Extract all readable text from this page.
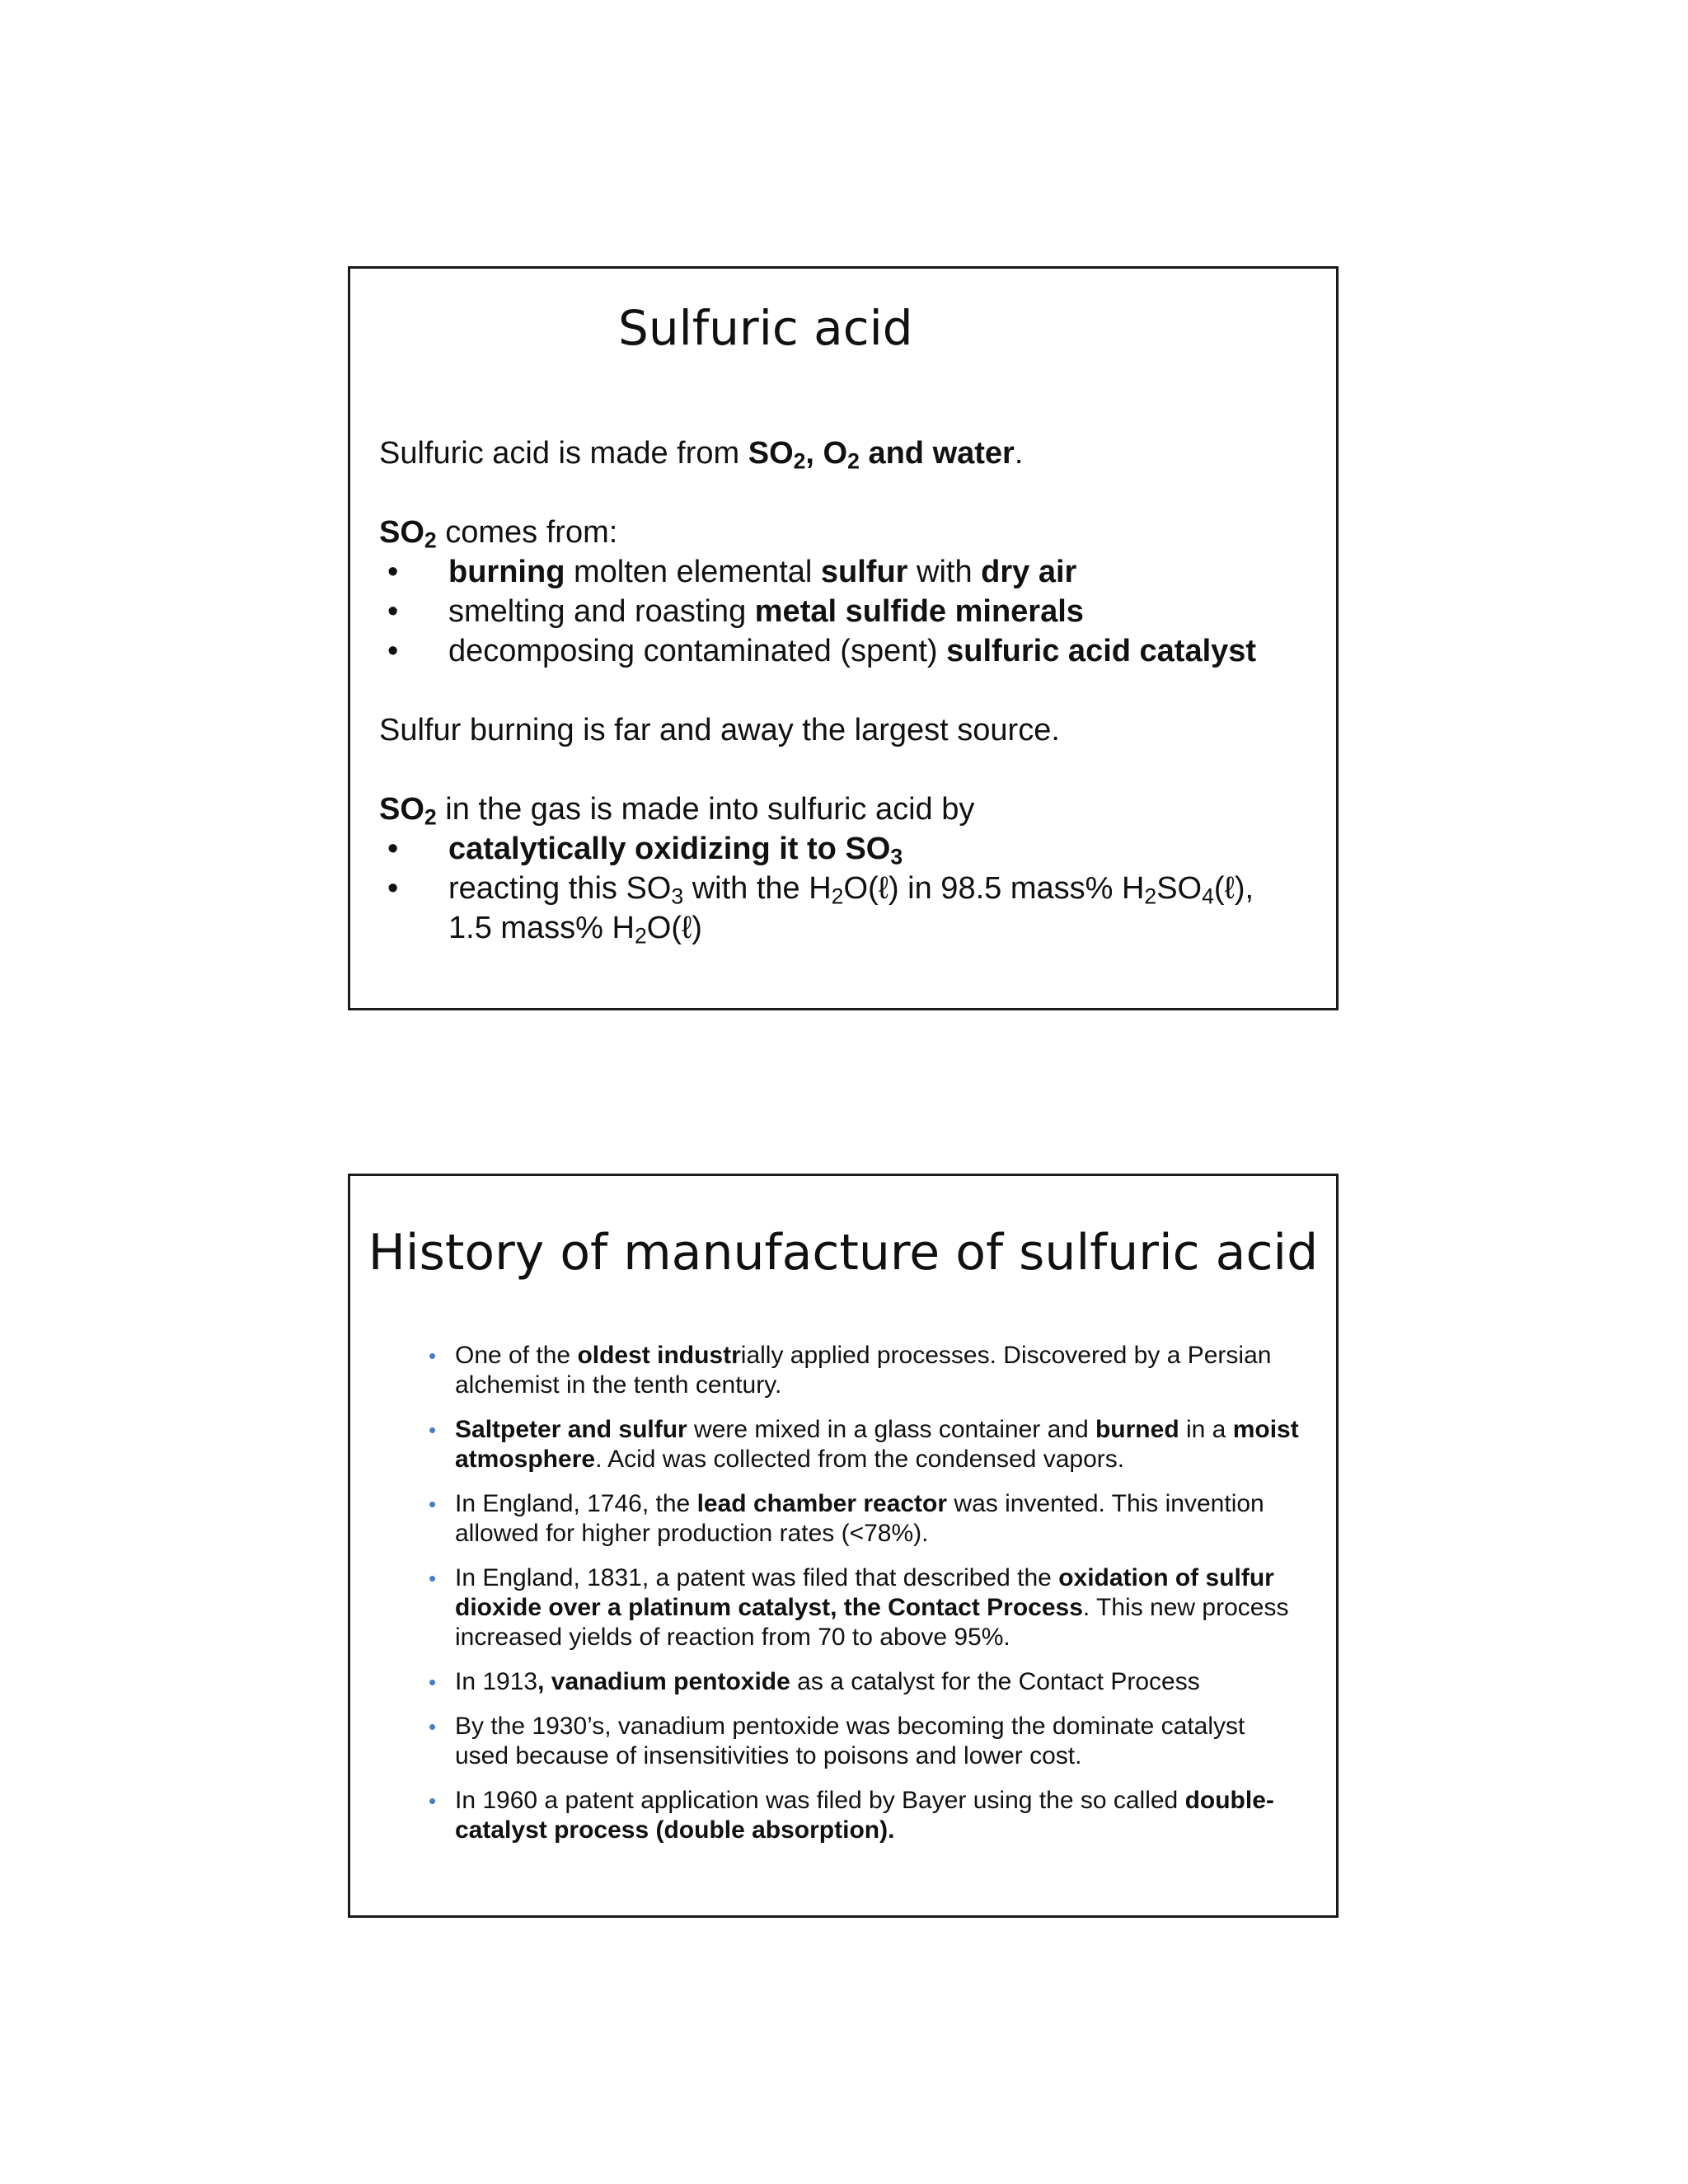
Sulfuric acid

Sulfuric acid is made from $SO_2$, $O_2$ and water.

$SO_2$ comes from:

• burning molten elemental sulfur with dry air
• smelting and roasting metal sulfide minerals
• decomposing contaminated (spent) sulfuric acid catalyst

Sulfur burning is far and away the largest source.

$SO_2$ in the gas is made into sulfuric acid by

• catalytically oxidizing it to $SO_3$
• reacting this $SO_3$ with the $H_2O(\ell)$ in 98.5 mass% $H_2SO_4(\ell)$,
1.5 mass% $H_2O(\ell)$
History of manufacture of sulfuric acid
• One of the oldest industrially applied processes. Discovered by a Persian alchemist in the tenth century.
• Saltpeter and sulfur were mixed in a glass container and burned in a moist atmosphere. Acid was collected from the condensed vapors.
• In England, 1746, the lead chamber reactor was invented. This invention allowed for higher production rates (<78%).
• In England, 1831, a patent was filed that described the oxidation of sulfur dioxide over a platinum catalyst, the Contact Process. This new process increased yields of reaction from 70 to above 95%.
• In 1913, vanadium pentoxide as a catalyst for the Contact Process
• By the 1930’s, vanadium pentoxide was becoming the dominate catalyst used because of insensitivities to poisons and lower cost.
• In 1960 a patent application was filed by Bayer using the so called double-catalyst process (double absorption).
